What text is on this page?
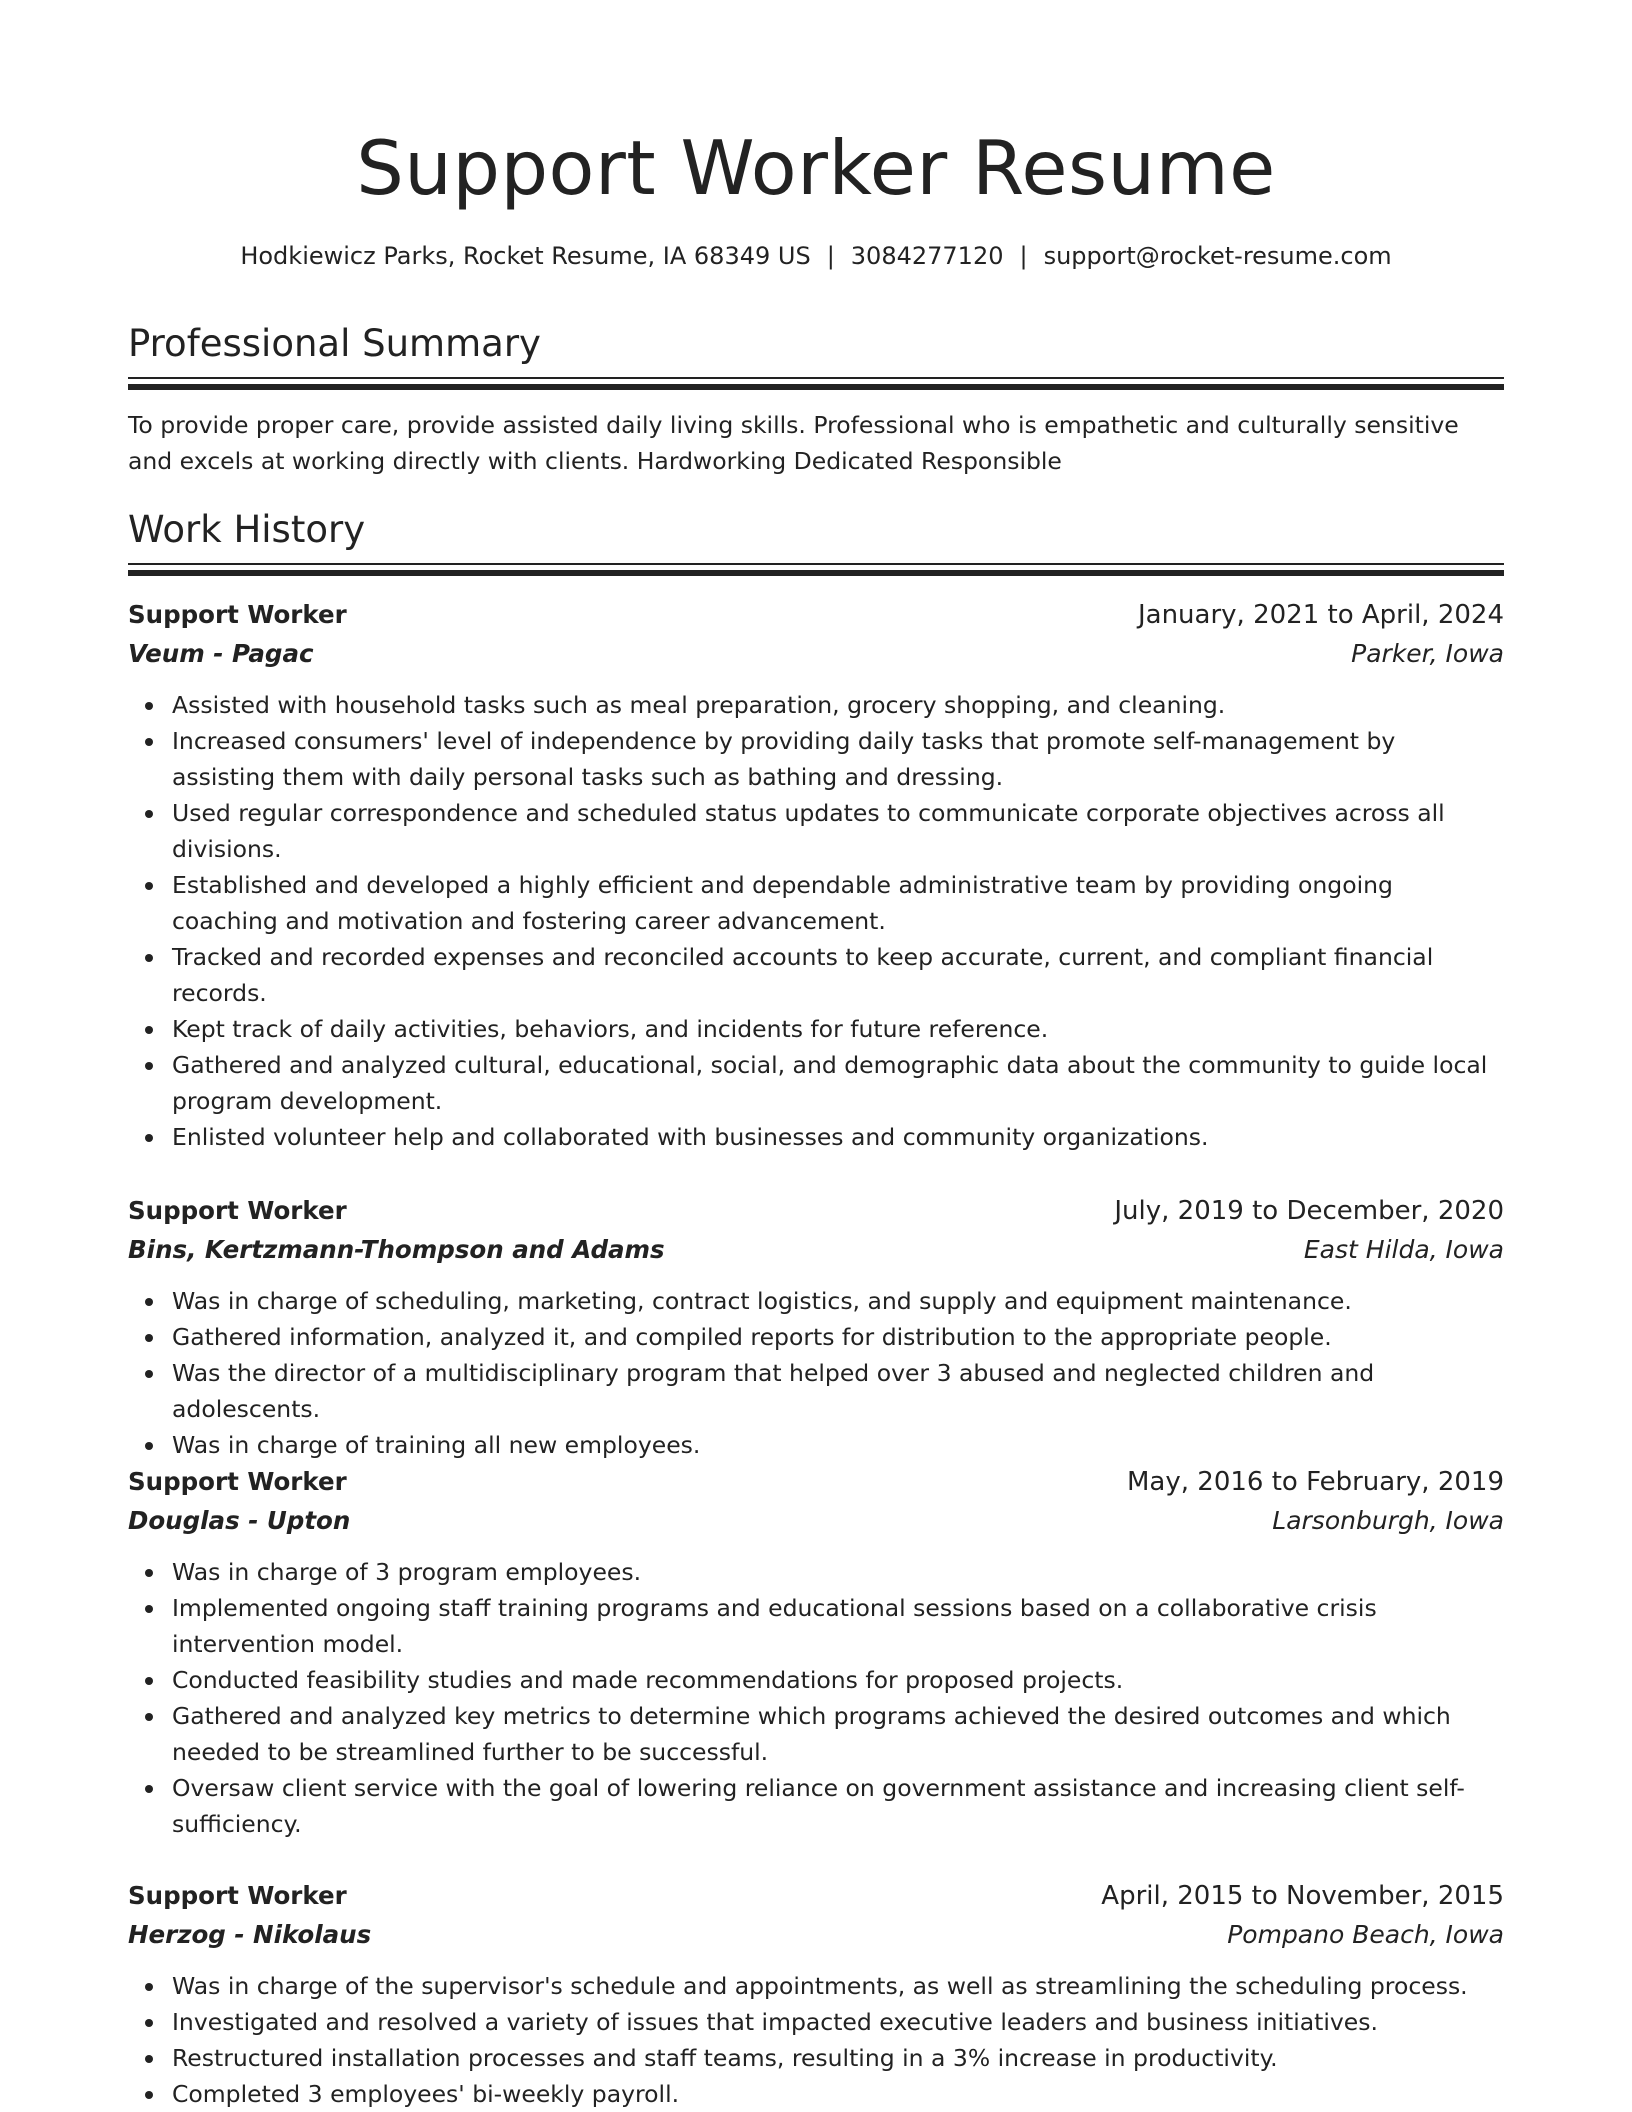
Support Worker Resume
Hodkiewicz Parks, Rocket Resume, IA 68349 US | 3084277120 | support@rocket-resume.com
Professional Summary

To provide proper care, provide assisted daily living skills. Professional who is empathetic and culturally sensitive and excels at working directly with clients. Hardworking Dedicated Responsible

Work History
Support Worker	January, 2021 to April, 2024
Veum - Pagac	Parker, Iowa
Assisted with household tasks such as meal preparation, grocery shopping, and cleaning.
Increased consumers' level of independence by providing daily tasks that promote self-management by assisting them with daily personal tasks such as bathing and dressing.
Used regular correspondence and scheduled status updates to communicate corporate objectives across all divisions.
Established and developed a highly efficient and dependable administrative team by providing ongoing coaching and motivation and fostering career advancement.
Tracked and recorded expenses and reconciled accounts to keep accurate, current, and compliant financial records.
Kept track of daily activities, behaviors, and incidents for future reference.
Gathered and analyzed cultural, educational, social, and demographic data about the community to guide local program development.
Enlisted volunteer help and collaborated with businesses and community organizations.
Support Worker	July, 2019 to December, 2020
Bins, Kertzmann-Thompson and Adams	East Hilda, Iowa
Was in charge of scheduling, marketing, contract logistics, and supply and equipment maintenance.
Gathered information, analyzed it, and compiled reports for distribution to the appropriate people.
Was the director of a multidisciplinary program that helped over 3 abused and neglected children and adolescents.
Was in charge of training all new employees.
Support Worker	May, 2016 to February, 2019
Douglas - Upton	Larsonburgh, Iowa
Was in charge of 3 program employees.
Implemented ongoing staff training programs and educational sessions based on a collaborative crisis intervention model.
Conducted feasibility studies and made recommendations for proposed projects.
Gathered and analyzed key metrics to determine which programs achieved the desired outcomes and which needed to be streamlined further to be successful.
Oversaw client service with the goal of lowering reliance on government assistance and increasing client self-sufficiency.
Support Worker	April, 2015 to November, 2015
Herzog - Nikolaus	Pompano Beach, Iowa
Was in charge of the supervisor's schedule and appointments, as well as streamlining the scheduling process.
Investigated and resolved a variety of issues that impacted executive leaders and business initiatives.
Restructured installation processes and staff teams, resulting in a 3% increase in productivity.
Completed 3 employees' bi-weekly payroll.
